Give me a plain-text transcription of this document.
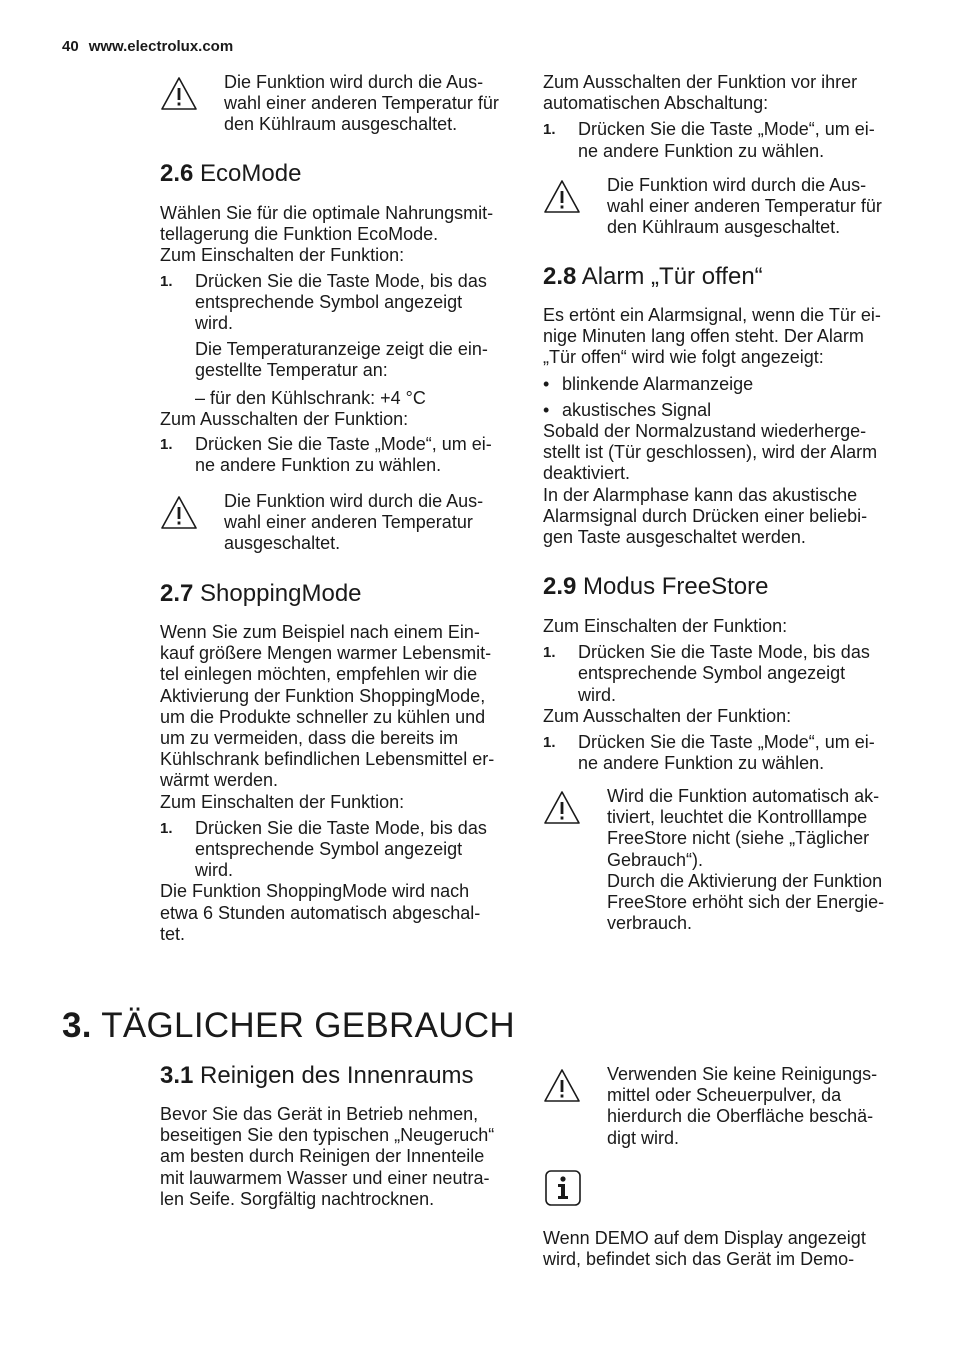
40 www.electrolux.com
Die Funktion wird durch die Aus-
wahl einer anderen Temperatur für
den Kühlraum ausgeschaltet.
2.6 EcoMode

Wählen Sie für die optimale Nahrungsmit-
tellagerung die Funktion EcoMode.
Zum Einschalten der Funktion:

1. Drücken Sie die Taste Mode, bis das
entsprechende Symbol angezeigt
wird.
Die Temperaturanzeige zeigt die ein-
gestellte Temperatur an:
– für den Kühlschrank: +4 °C

Zum Ausschalten der Funktion:

1. Drücken Sie die Taste „Mode“, um ei-
ne andere Funktion zu wählen.
Die Funktion wird durch die Aus-
wahl einer anderen Temperatur
ausgeschaltet.
2.7 ShoppingMode

Wenn Sie zum Beispiel nach einem Ein-
kauf größere Mengen warmer Lebensmit-
tel einlegen möchten, empfehlen wir die
Aktivierung der Funktion ShoppingMode,
um die Produkte schneller zu kühlen und
um zu vermeiden, dass die bereits im
Kühlschrank befindlichen Lebensmittel er-
wärmt werden.
Zum Einschalten der Funktion:

1. Drücken Sie die Taste Mode, bis das
entsprechende Symbol angezeigt
wird.

Die Funktion ShoppingMode wird nach
etwa 6 Stunden automatisch abgeschal-
tet.

Zum Ausschalten der Funktion vor ihrer
automatischen Abschaltung:

1. Drücken Sie die Taste „Mode“, um ei-
ne andere Funktion zu wählen.
Die Funktion wird durch die Aus-
wahl einer anderen Temperatur für
den Kühlraum ausgeschaltet.
2.8 Alarm „Tür offen“

Es ertönt ein Alarmsignal, wenn die Tür ei-
nige Minuten lang offen steht. Der Alarm
„Tür offen“ wird wie folgt angezeigt:

• blinkende Alarmanzeige
• akustisches Signal

Sobald der Normalzustand wiederherge-
stellt ist (Tür geschlossen), wird der Alarm
deaktiviert.
In der Alarmphase kann das akustische
Alarmsignal durch Drücken einer beliebi-
gen Taste ausgeschaltet werden.

2.9 Modus FreeStore

Zum Einschalten der Funktion:

1. Drücken Sie die Taste Mode, bis das
entsprechende Symbol angezeigt
wird.

Zum Ausschalten der Funktion:

1. Drücken Sie die Taste „Mode“, um ei-
ne andere Funktion zu wählen.
Wird die Funktion automatisch ak-
tiviert, leuchtet die Kontrolllampe
FreeStore nicht (siehe „Täglicher
Gebrauch“).
Durch die Aktivierung der Funktion
FreeStore erhöht sich der Energie-
verbrauch.
3. TÄGLICHER GEBRAUCH
3.1 Reinigen des Innenraums

Bevor Sie das Gerät in Betrieb nehmen,
beseitigen Sie den typischen „Neugeruch“
am besten durch Reinigen der Innenteile
mit lauwarmem Wasser und einer neutra-
len Seife. Sorgfältig nachtrocknen.

Verwenden Sie keine Reinigungs-
mittel oder Scheuerpulver, da
hierdurch die Oberfläche beschä-
digt wird.

Wenn DEMO auf dem Display angezeigt
wird, befindet sich das Gerät im Demo-
